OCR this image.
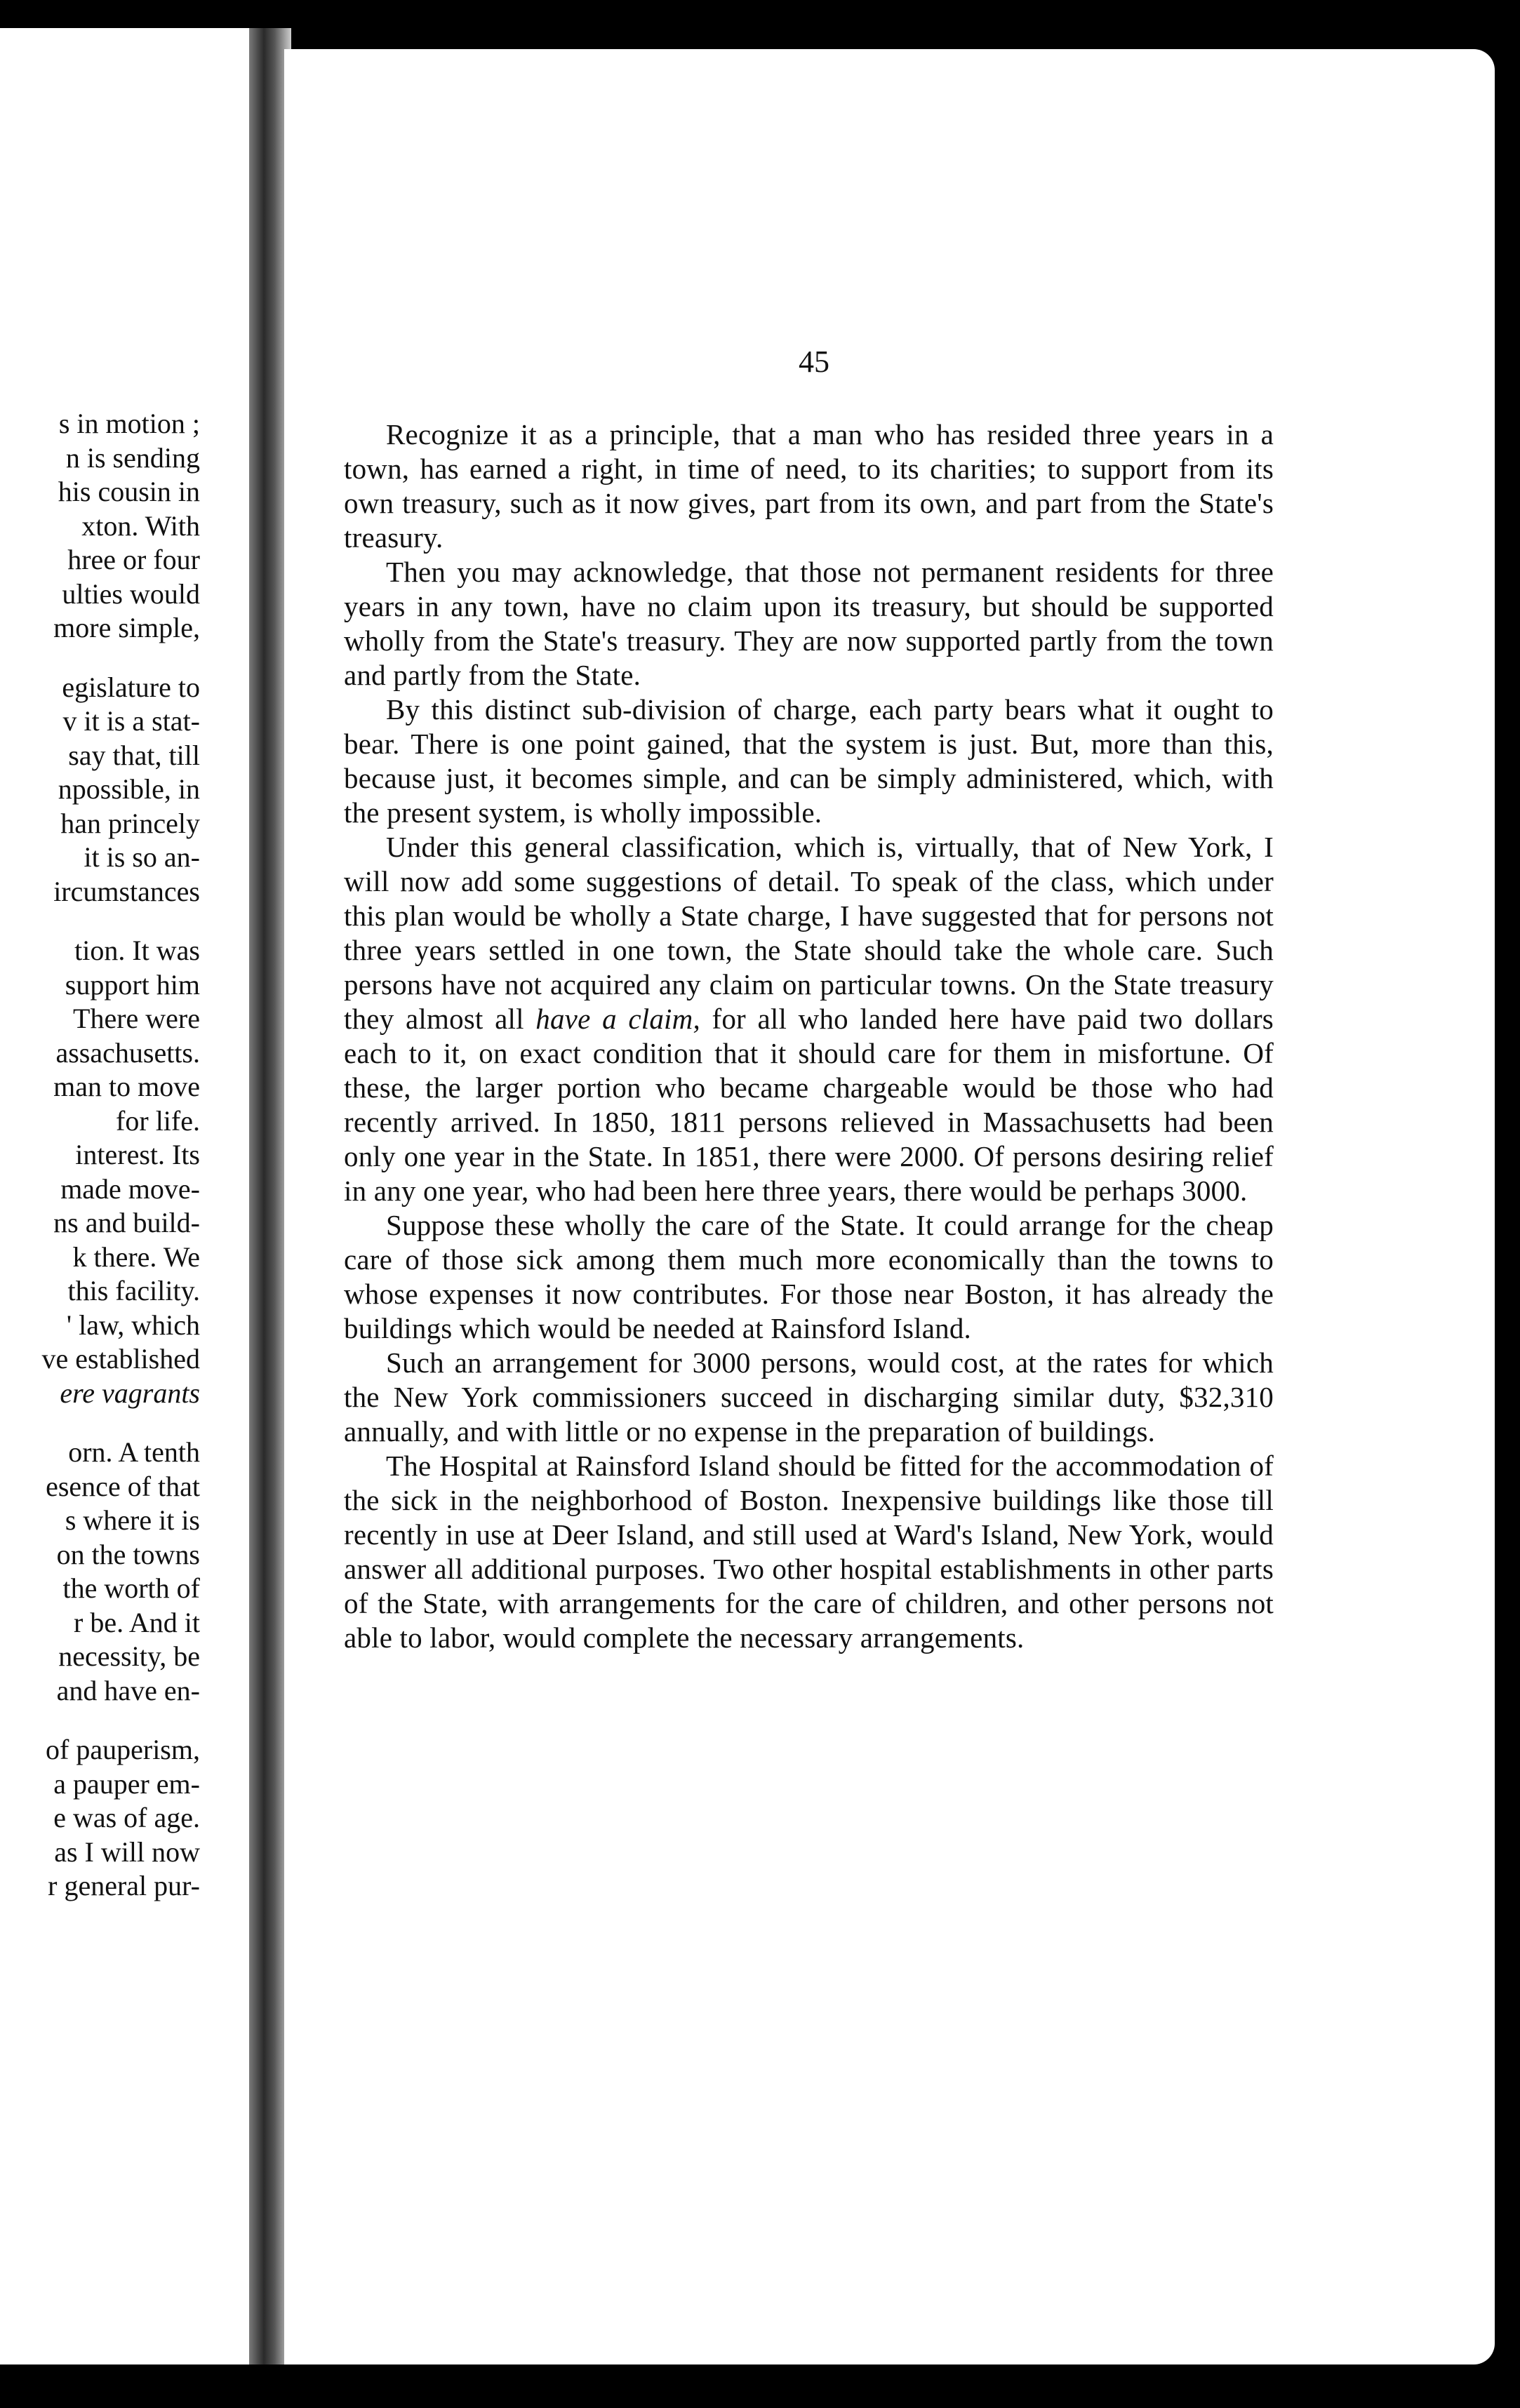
s in motion ;
n is sending
his cousin in
xton. With
hree or four
ulties would
more simple,
egislature to
v it is a stat-
say that, till
npossible, in
han princely
it is so an-
ircumstances
tion. It was
support him
There were
assachusetts.
man to move
for life.
interest. Its
made move-
ns and build-
k there. We
this facility.
' law, which
ve established
ere vagrants
orn. A tenth
esence of that
s where it is
on the towns
the worth of
r be. And it
necessity, be
and have en-
of pauperism,
a pauper em-
e was of age.
as I will now
r general pur-
45

Recognize it as a principle, that a man who has resided three years in a town, has earned a right, in time of need, to its charities; to support from its own treasury, such as it now gives, part from its own, and part from the State's treasury.

Then you may acknowledge, that those not permanent residents for three years in any town, have no claim upon its treasury, but should be supported wholly from the State's treasury. They are now supported partly from the town and partly from the State.

By this distinct sub-division of charge, each party bears what it ought to bear. There is one point gained, that the system is just. But, more than this, because just, it becomes simple, and can be simply administered, which, with the present system, is wholly impossible.

Under this general classification, which is, virtually, that of New York, I will now add some suggestions of detail. To speak of the class, which under this plan would be wholly a State charge, I have suggested that for persons not three years settled in one town, the State should take the whole care. Such persons have not acquired any claim on particular towns. On the State treasury they almost all have a claim, for all who landed here have paid two dollars each to it, on exact condition that it should care for them in misfortune. Of these, the larger portion who became chargeable would be those who had recently arrived. In 1850, 1811 persons relieved in Massachusetts had been only one year in the State. In 1851, there were 2000. Of persons desiring relief in any one year, who had been here three years, there would be perhaps 3000.

Suppose these wholly the care of the State. It could arrange for the cheap care of those sick among them much more economically than the towns to whose expenses it now contributes. For those near Boston, it has already the buildings which would be needed at Rainsford Island.

Such an arrangement for 3000 persons, would cost, at the rates for which the New York commissioners succeed in discharging similar duty, $32,310 annually, and with little or no expense in the preparation of buildings.

The Hospital at Rainsford Island should be fitted for the accommodation of the sick in the neighborhood of Boston. Inexpensive buildings like those till recently in use at Deer Island, and still used at Ward's Island, New York, would answer all additional purposes. Two other hospital establishments in other parts of the State, with arrangements for the care of children, and other persons not able to labor, would complete the necessary arrangements.
